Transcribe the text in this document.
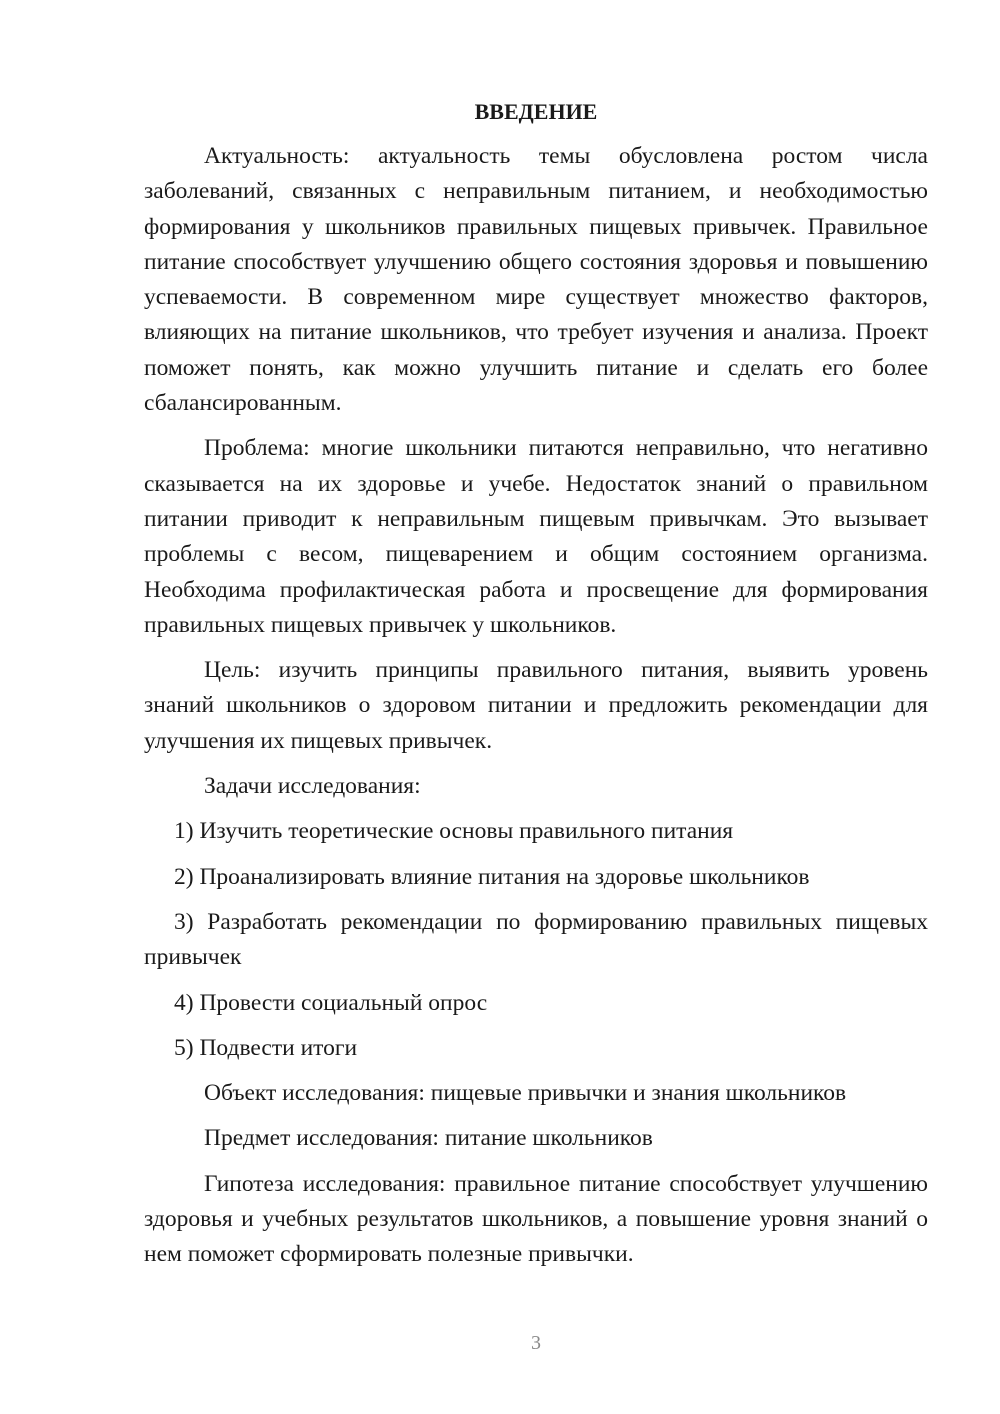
ВВЕДЕНИЕ

Актуальность: актуальность темы обусловлена ростом числа заболеваний, связанных с неправильным питанием, и необходимостью формирования у школьников правильных пищевых привычек. Правильное питание способствует улучшению общего состояния здоровья и повышению успеваемости. В современном мире существует множество факторов, влияющих на питание школьников, что требует изучения и анализа. Проект поможет понять, как можно улучшить питание и сделать его более сбалансированным.

Проблема: многие школьники питаются неправильно, что негативно сказывается на их здоровье и учебе. Недостаток знаний о правильном питании приводит к неправильным пищевым привычкам. Это вызывает проблемы с весом, пищеварением и общим состоянием организма. Необходима профилактическая работа и просвещение для формирования правильных пищевых привычек у школьников.

Цель: изучить принципы правильного питания, выявить уровень знаний школьников о здоровом питании и предложить рекомендации для улучшения их пищевых привычек.

Задачи исследования:

1) Изучить теоретические основы правильного питания

2) Проанализировать влияние питания на здоровье школьников

3) Разработать рекомендации по формированию правильных пищевых привычек

4) Провести социальный опрос

5) Подвести итоги

Объект исследования: пищевые привычки и знания школьников

Предмет исследования: питание школьников

Гипотеза исследования: правильное питание способствует улучшению здоровья и учебных результатов школьников, а повышение уровня знаний о нем поможет сформировать полезные привычки.

3
